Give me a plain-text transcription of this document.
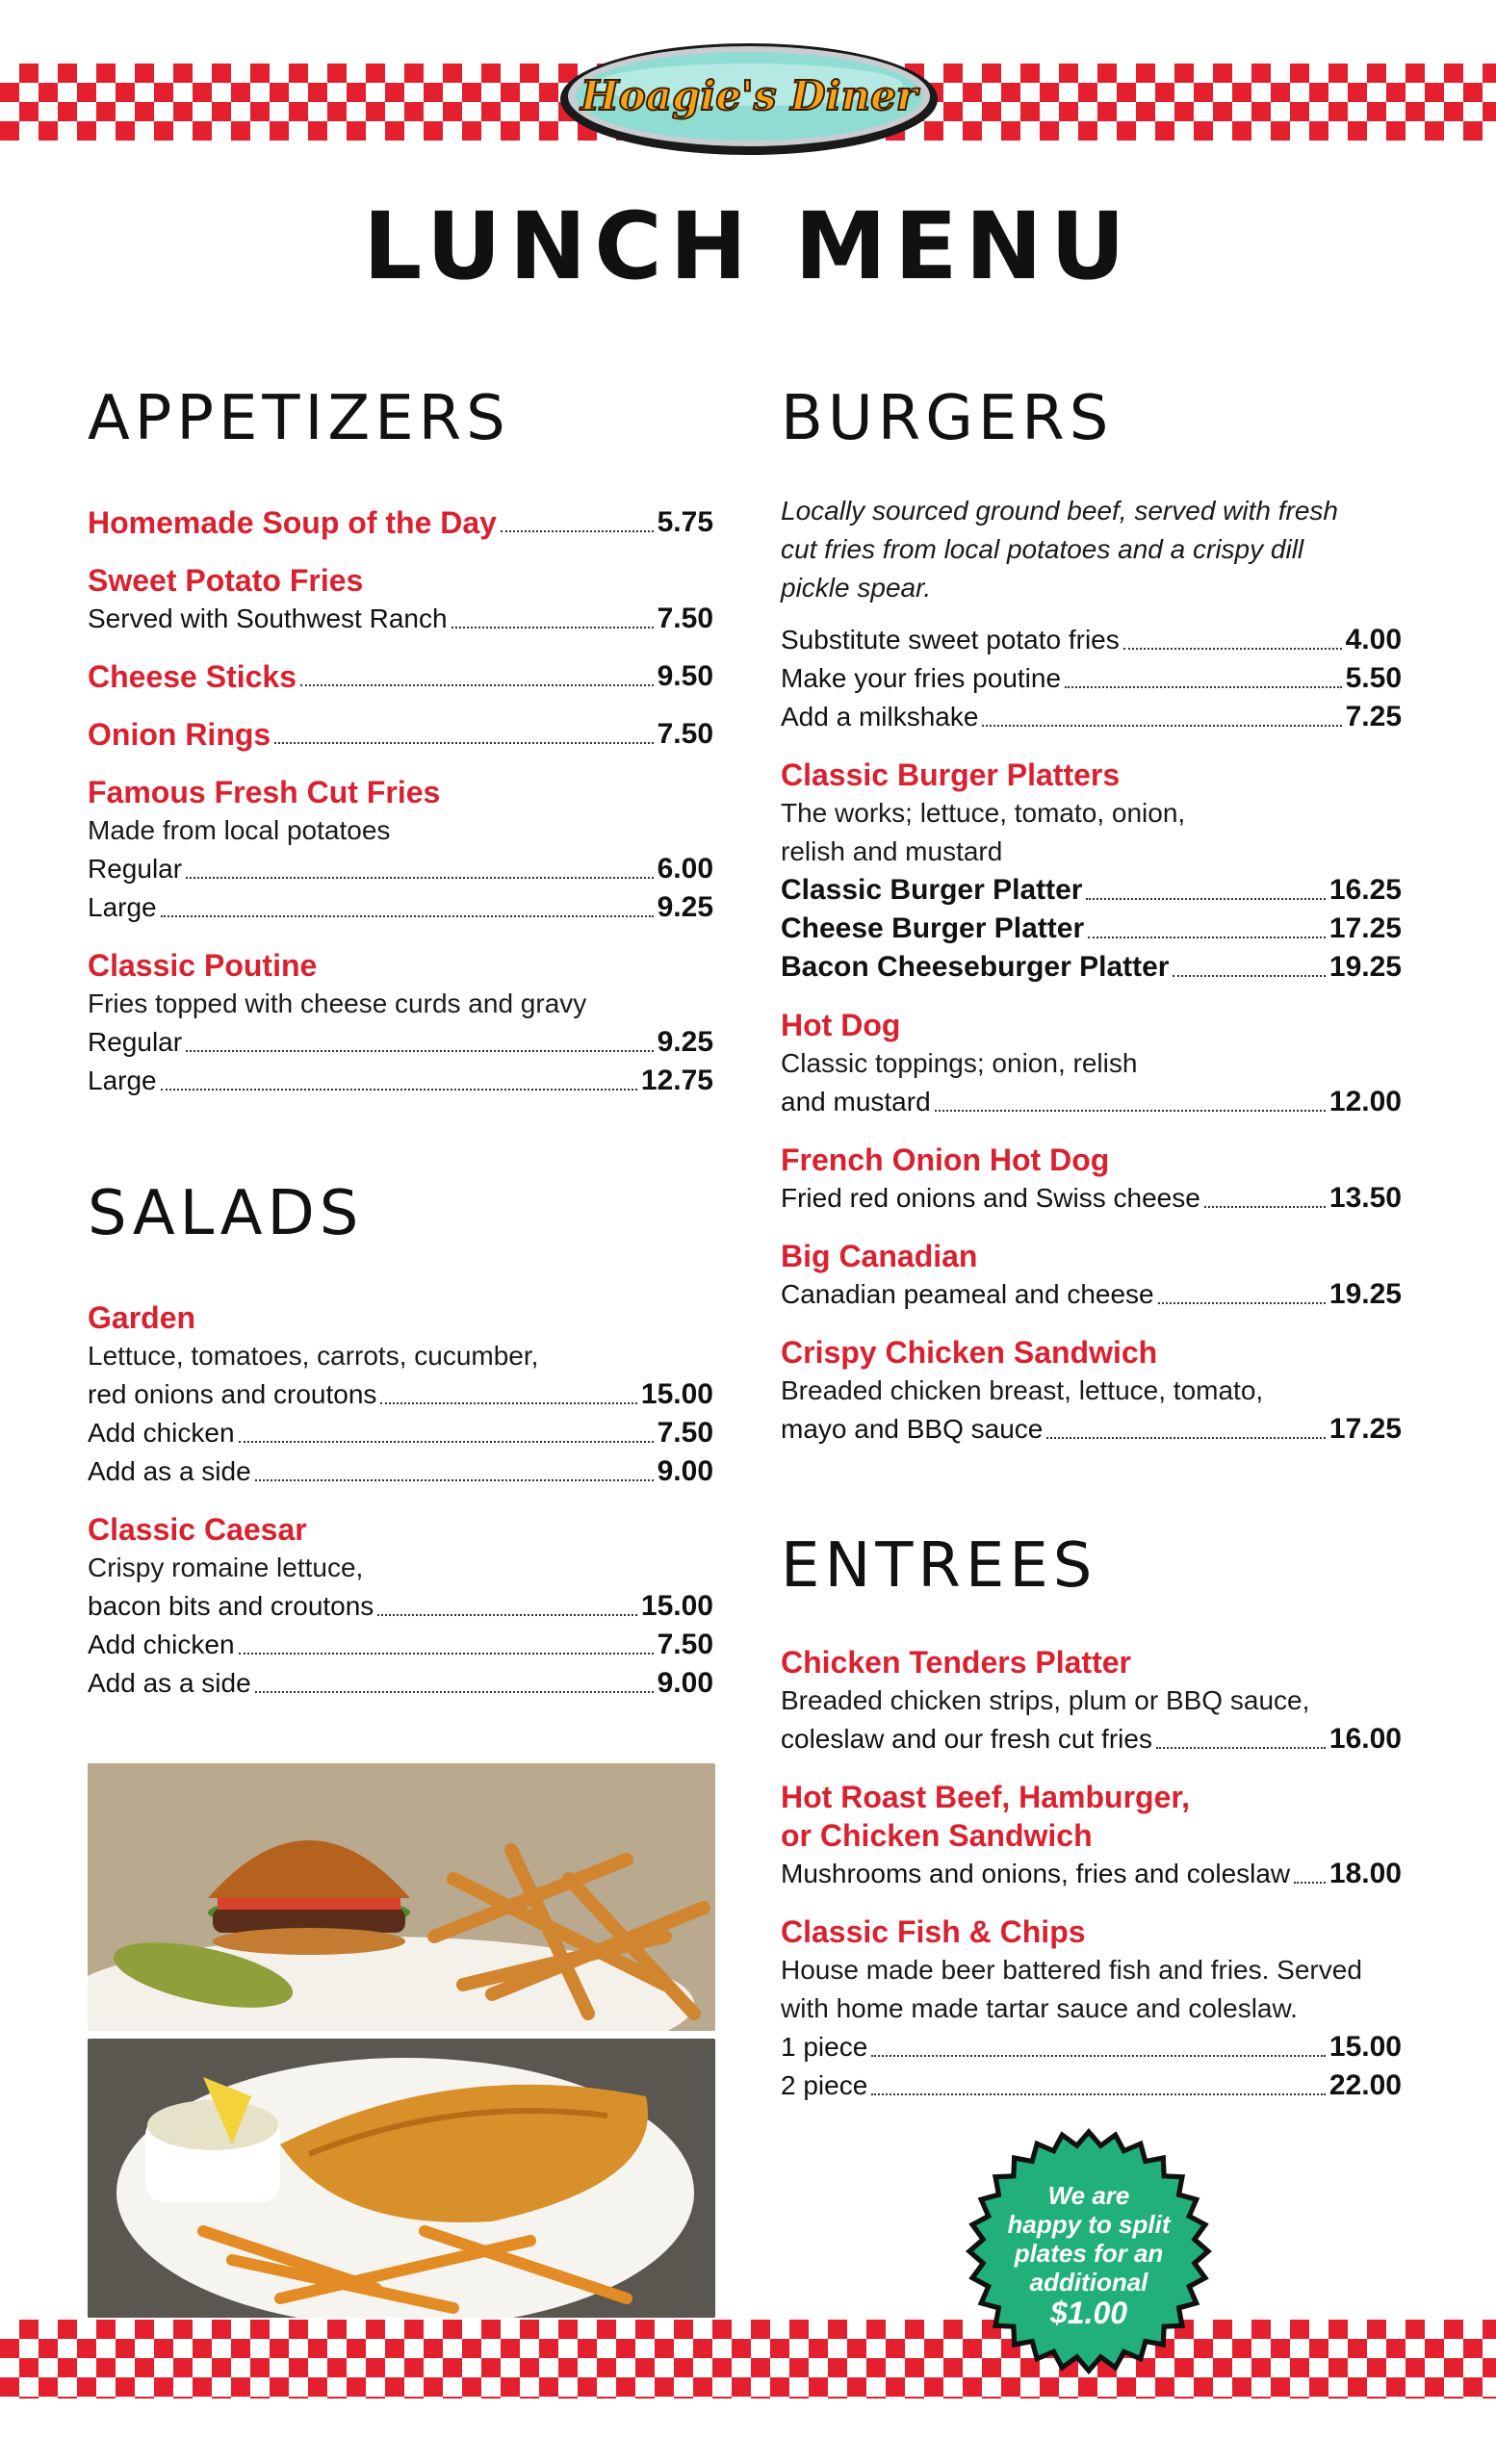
Hoagie's Diner
LUNCH MENU
APPETIZERS
Homemade Soup of the Day	5.75
Sweet Potato Fries
Served with Southwest Ranch	7.50
Cheese Sticks	9.50
Onion Rings	7.50
Famous Fresh Cut Fries
Made from local potatoes
Regular	6.00
Large	9.25
Classic Poutine
Fries topped with cheese curds and gravy
Regular	9.25
Large	12.75
SALADS
Garden
Lettuce, tomatoes, carrots, cucumber,
red onions and croutons	15.00
Add chicken	7.50
Add as a side	9.00
Classic Caesar
Crispy romaine lettuce,
bacon bits and croutons	15.00
Add chicken	7.50
Add as a side	9.00
BURGERS
Locally sourced ground beef, served with fresh cut fries from local potatoes and a crispy dill pickle spear.
Substitute sweet potato fries	4.00
Make your fries poutine	5.50
Add a milkshake	7.25
Classic Burger Platters
The works; lettuce, tomato, onion,
relish and mustard
Classic Burger Platter	16.25
Cheese Burger Platter	17.25
Bacon Cheeseburger Platter	19.25
Hot Dog
Classic toppings; onion, relish
and mustard	12.00
French Onion Hot Dog
Fried red onions and Swiss cheese	13.50
Big Canadian
Canadian peameal and cheese	19.25
Crispy Chicken Sandwich
Breaded chicken breast, lettuce, tomato,
mayo and BBQ sauce	17.25
ENTREES
Chicken Tenders Platter
Breaded chicken strips, plum or BBQ sauce,
coleslaw and our fresh cut fries	16.00
Hot Roast Beef, Hamburger,
or Chicken Sandwich
Mushrooms and onions, fries and coleslaw 18.00
Classic Fish & Chips
House made beer battered fish and fries. Served
with home made tartar sauce and coleslaw.
1 piece	15.00
2 piece	22.00
We are
happy to split
plates for an
additional
$1.00
